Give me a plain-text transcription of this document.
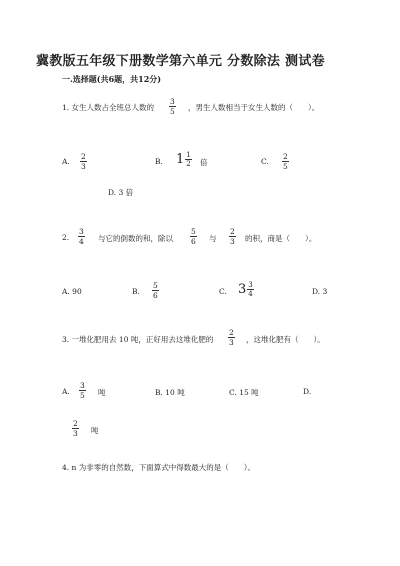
冀教版五年级下册数学第六单元 分数除法 测试卷
一.选择题(共6题，共12分)
1. 女生人数占全班总人数的
3
5 ，男生人数相当于女生人数的（　　）。
A.
2
3
B. $1 \frac{1}{2}$ 倍	C.
2
5
D. 3 倍
2.
3
4 与它的倒数的和，除以
5
6 与
2
3 的积，商是（　　）。
A. 90	B.
5
6	C. $3 \frac{3}{4}$	D. 3
3. 一堆化肥用去 10 吨，正好用去这堆化肥的
2
3 ，这堆化肥有（　　）。
A.
3
5 吨	B. 10 吨	C. 15 吨	D.
2
3 吨
4. n 为非零的自然数，下面算式中得数最大的是（　　）。
